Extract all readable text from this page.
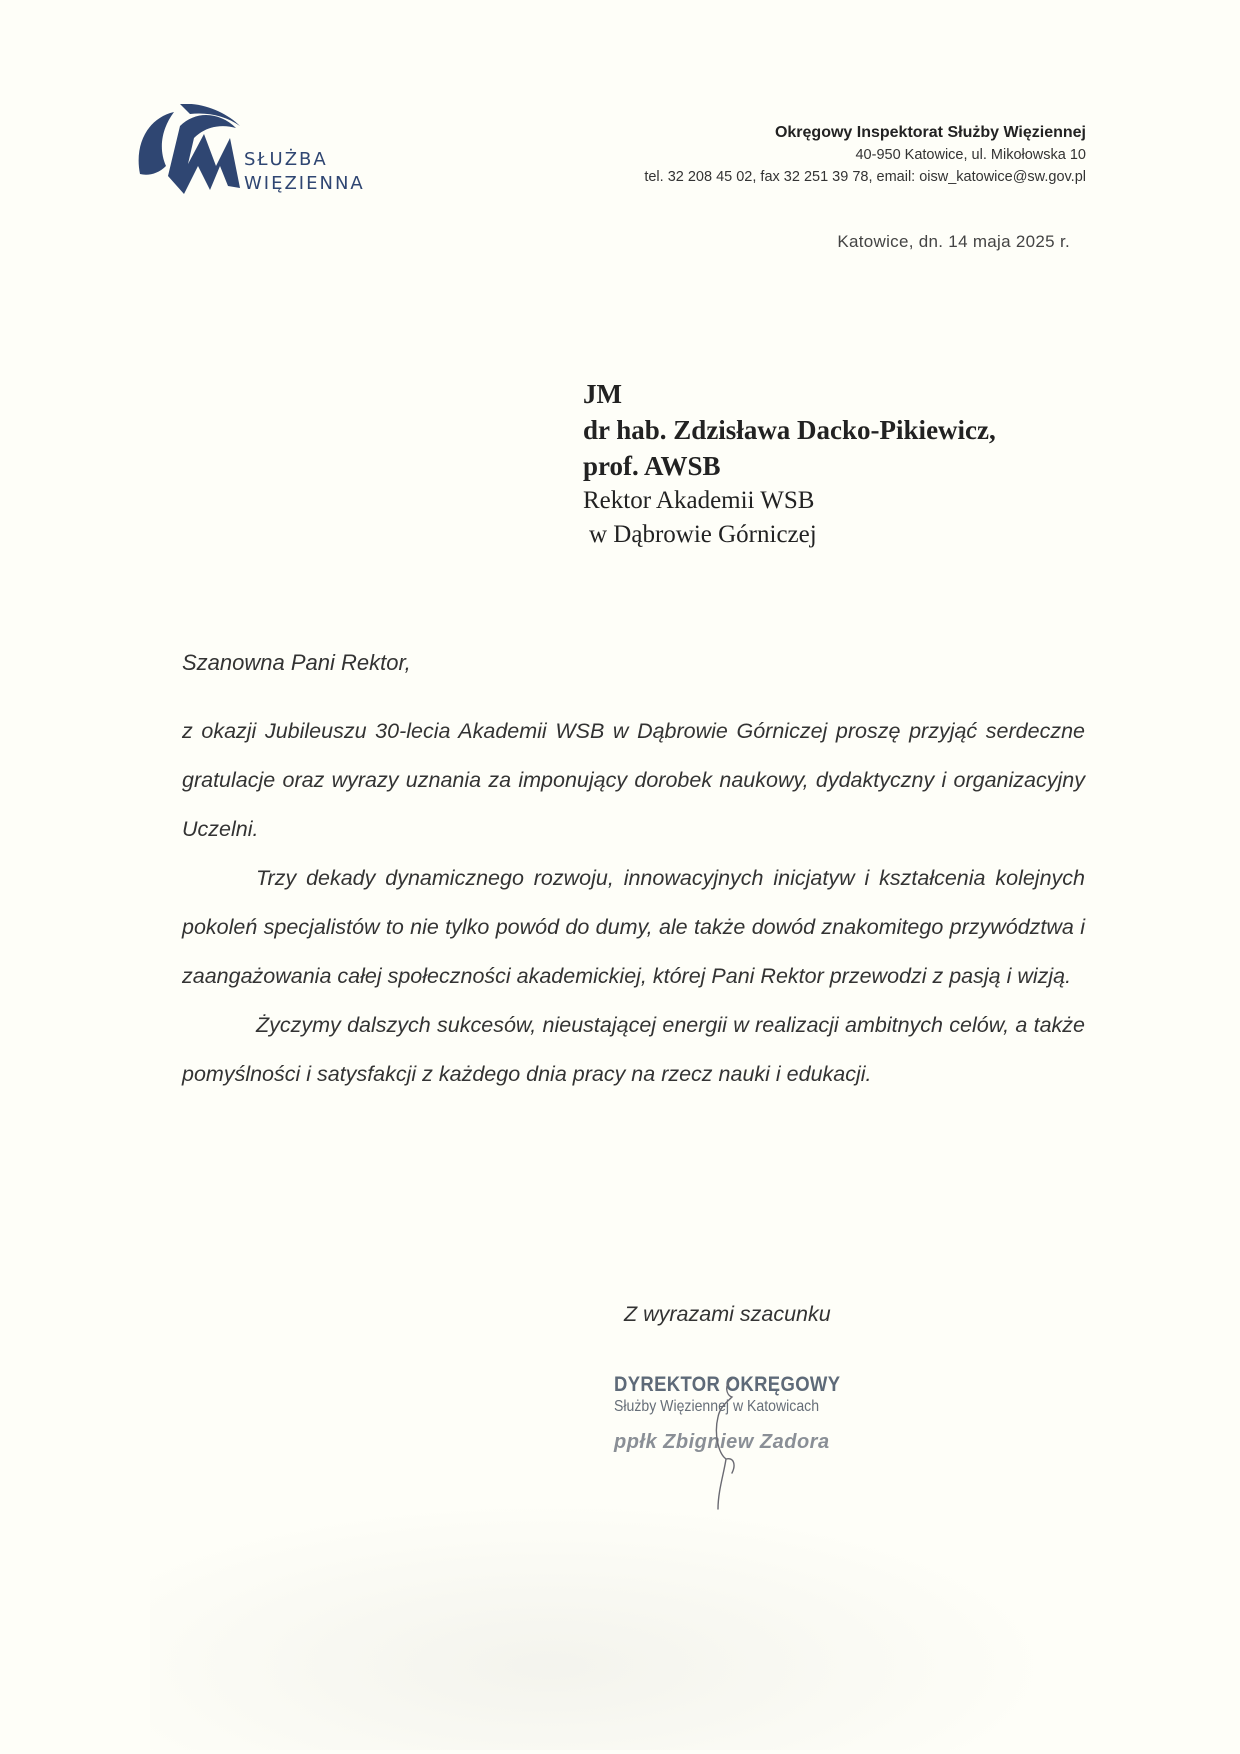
SŁUŻBA
WIĘZIENNA
Okręgowy Inspektorat Służby Więziennej
40-950 Katowice, ul. Mikołowska 10
tel. 32 208 45 02, fax 32 251 39 78, email: oisw_katowice@sw.gov.pl
Katowice, dn. 14 maja 2025 r.
JM
dr hab. Zdzisława Dacko-Pikiewicz,
prof. AWSB
Rektor Akademii WSB
w Dąbrowie Górniczej
Szanowna Pani Rektor,

z okazji Jubileuszu 30-lecia Akademii WSB w Dąbrowie Górniczej proszę przyjąć serdeczne gratulacje oraz wyrazy uznania za imponujący dorobek naukowy, dydaktyczny i organizacyjny Uczelni.

Trzy dekady dynamicznego rozwoju, innowacyjnych inicjatyw i kształcenia kolejnych pokoleń specjalistów to nie tylko powód do dumy, ale także dowód znakomitego przywództwa i zaangażowania całej społeczności akademickiej, której Pani Rektor przewodzi z pasją i wizją.

Życzymy dalszych sukcesów, nieustającej energii w realizacji ambitnych celów, a także pomyślności i satysfakcji z każdego dnia pracy na rzecz nauki i edukacji.

Z wyrazami szacunku
DYREKTOR OKRĘGOWY
Służby Więziennej w Katowicach
ppłk Zbigniew Zadora
